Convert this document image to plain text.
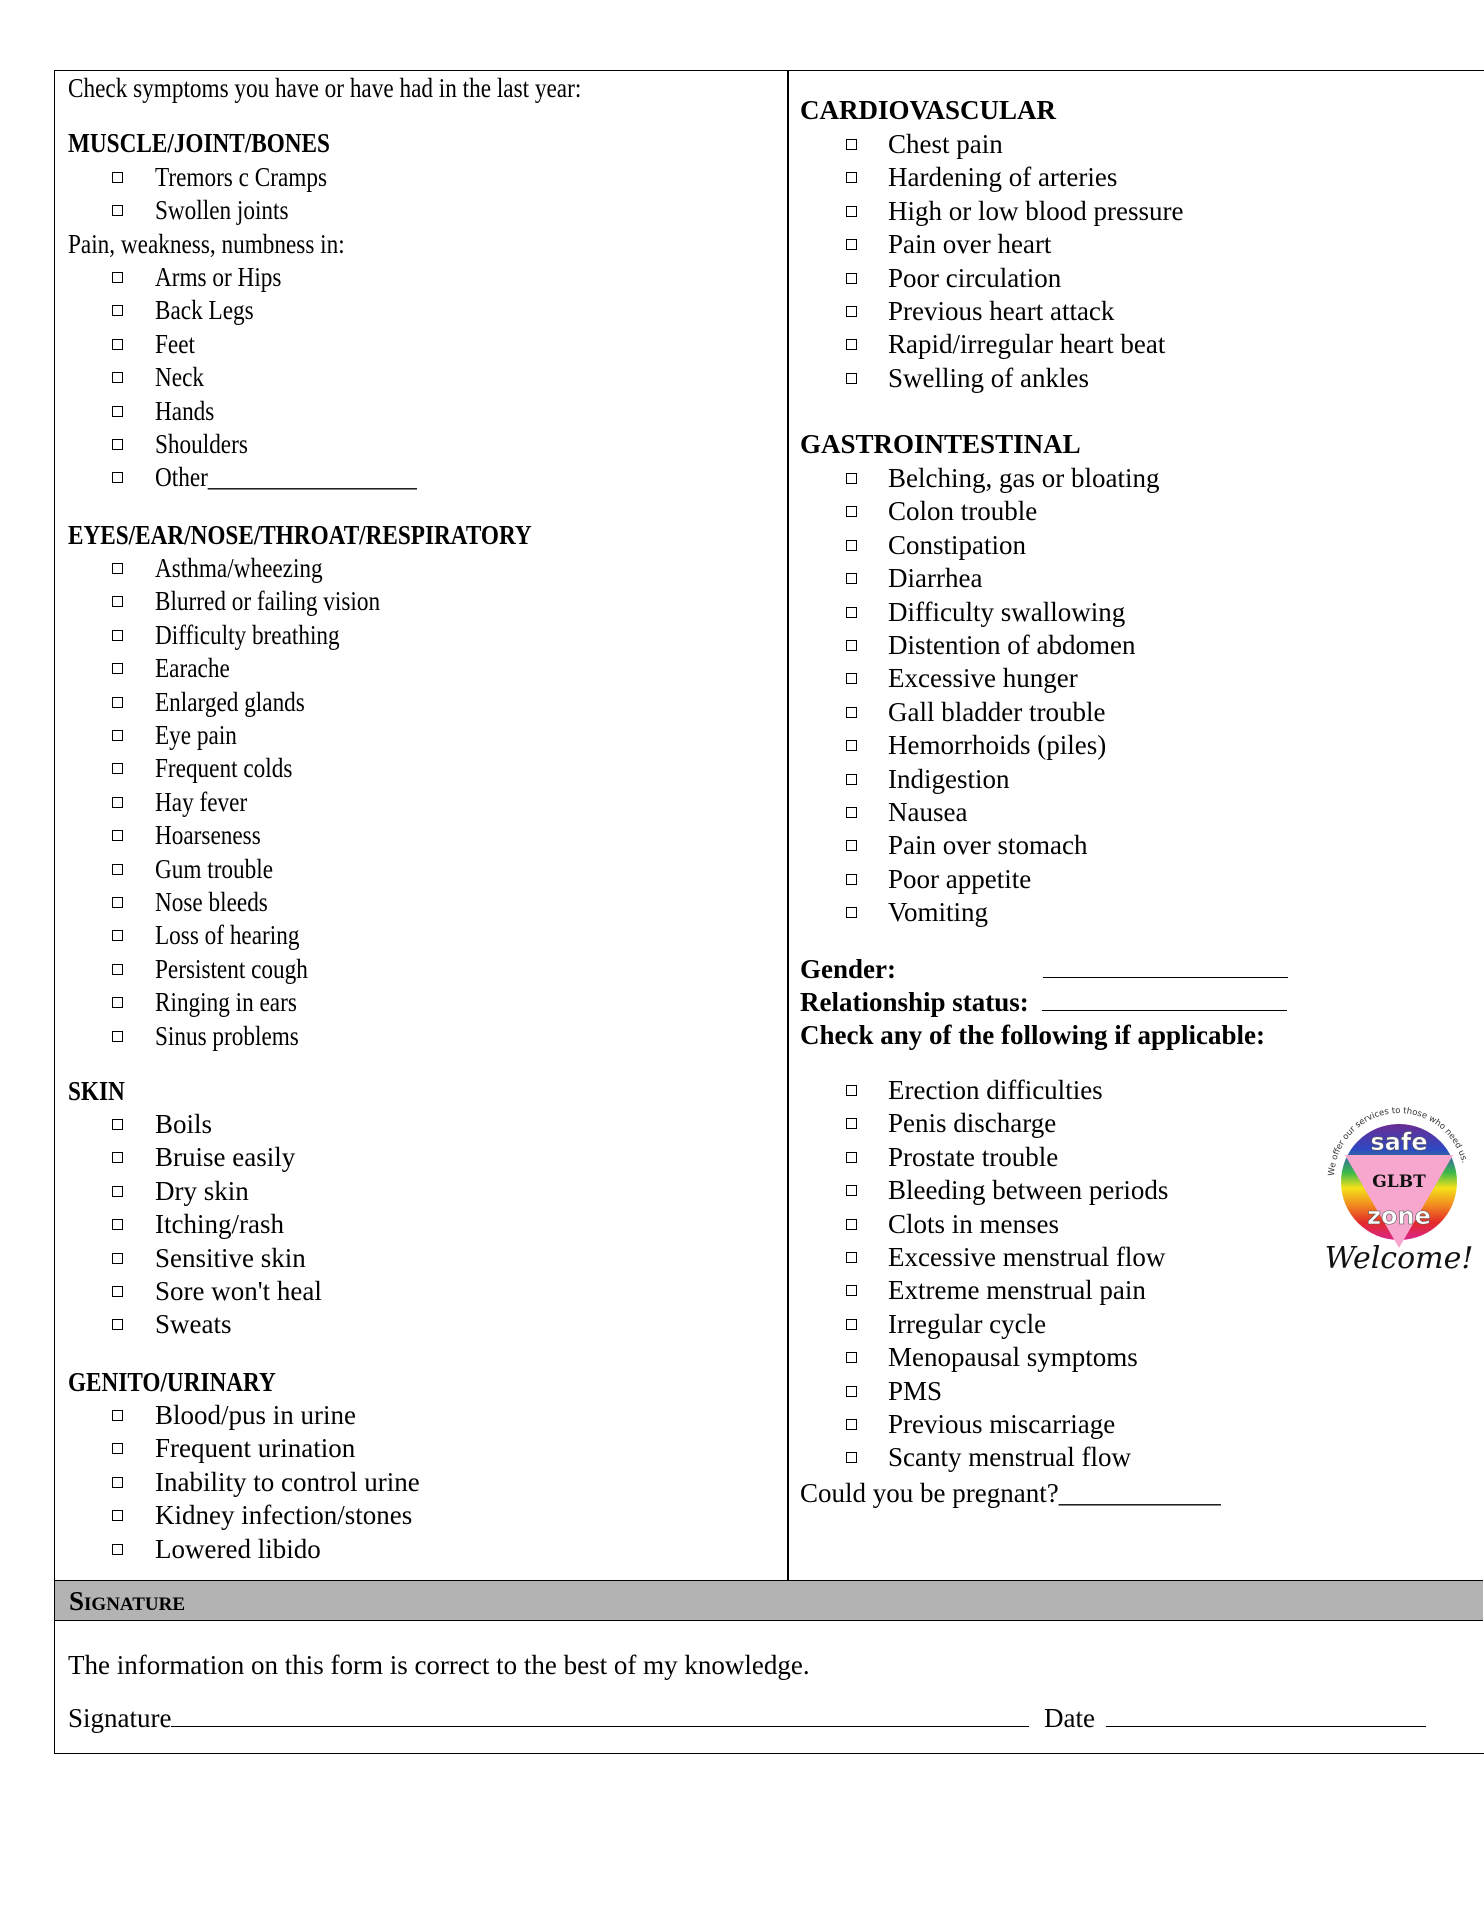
Check symptoms you have or have had in the last year:
MUSCLE/JOINT/BONES
Tremors c Cramps
Swollen joints
Pain, weakness, numbness in:
Arms or Hips
Back Legs
Feet
Neck
Hands
Shoulders
Other__________________
EYES/EAR/NOSE/THROAT/RESPIRATORY
Asthma/wheezing
Blurred or failing vision
Difficulty breathing
Earache
Enlarged glands
Eye pain
Frequent colds
Hay fever
Hoarseness
Gum trouble
Nose bleeds
Loss of hearing
Persistent cough
Ringing in ears
Sinus problems
SKIN
Boils
Bruise easily
Dry skin
Itching/rash
Sensitive skin
Sore won't heal
Sweats
GENITO/URINARY
Blood/pus in urine
Frequent urination
Inability to control urine
Kidney infection/stones
Lowered libido
CARDIOVASCULAR
Chest pain
Hardening of arteries
High or low blood pressure
Pain over heart
Poor circulation
Previous heart attack
Rapid/irregular heart beat
Swelling of ankles
GASTROINTESTINAL
Belching, gas or bloating
Colon trouble
Constipation
Diarrhea
Difficulty swallowing
Distention of abdomen
Excessive hunger
Gall bladder trouble
Hemorrhoids (piles)
Indigestion
Nausea
Pain over stomach
Poor appetite
Vomiting
Gender:
Relationship status:
Check any of the following if applicable:
Erection difficulties
Penis discharge
Prostate trouble
Bleeding between periods
Clots in menses
Excessive menstrual flow
Extreme menstrual pain
Irregular cycle
Menopausal symptoms
PMS
Previous miscarriage
Scanty menstrual flow
Could you be pregnant?____________
We offer our services to those who need us.
safe
GLBT
zone
Welcome!
Signature
The information on this form is correct to the best of my knowledge.
Signature	Date
